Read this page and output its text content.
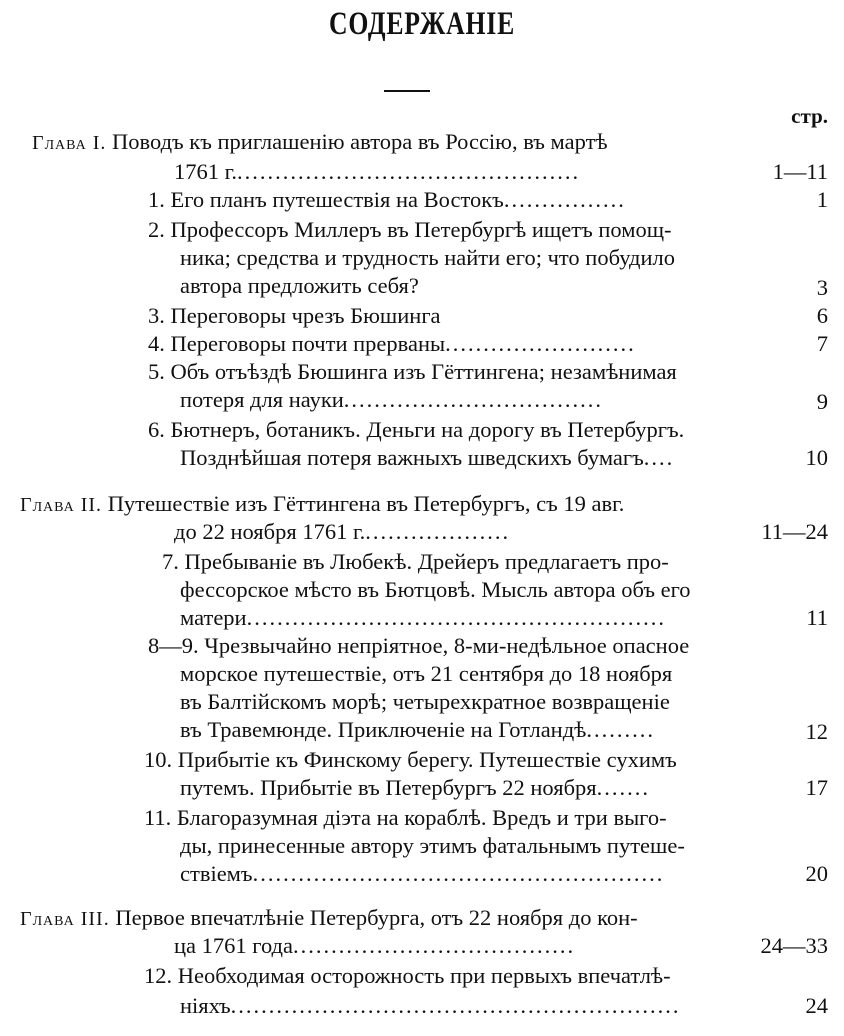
СОДЕРЖАНІЕ
стр.
Глава I. Поводъ къ приглашенію автора въ Россію, въ мартѣ
1761 г..............................................	1—11
1. Его планъ путешествія на Востокъ................	1
2. Профессоръ Миллеръ въ Петербургѣ ищетъ помощ-
ника; средства и трудность найти его; что побудило
автора предложить себя?	3
3. Переговоры чрезъ Бюшинга	6
4. Переговоры почти прерваны.........................	7
5. Объ отъѣздѣ Бюшинга изъ Гёттингена; незамѣнимая
потеря для науки..................................	9
6. Бютнеръ, ботаникъ. Деньги на дорогу въ Петербургъ.
Позднѣйшая потеря важныхъ шведскихъ бумагъ....	10
Глава II. Путешествіе изъ Гёттингена въ Петербургъ, съ 19 авг.
до 22 ноября 1761 г....................	11—24
7. Пребываніе въ Любекѣ. Дрейеръ предлагаетъ про-
фессорское мѣсто въ Бютцовѣ. Мысль автора объ его
матери.......................................................	11
8—9. Чрезвычайно непріятное, 8-ми-недѣльное опасное
морское путешествіе, отъ 21 сентября до 18 ноября
въ Балтійскомъ морѣ; четырехкратное возвращеніе
въ Травемюнде. Приключеніе на Готландѣ.........	12
10. Прибытіе къ Финскому берегу. Путешествіе сухимъ
путемъ. Прибытіе въ Петербургъ 22 ноября.......	17
11. Благоразумная діэта на кораблѣ. Вредъ и три выго-
ды, принесенные автору этимъ фатальнымъ путеше-
ствіемъ......................................................	20
Глава III. Первое впечатлѣніе Петербурга, отъ 22 ноября до кон-
ца 1761 года.....................................	24—33
12. Необходимая осторожность при первыхъ впечатлѣ-
ніяхъ...........................................................	24
